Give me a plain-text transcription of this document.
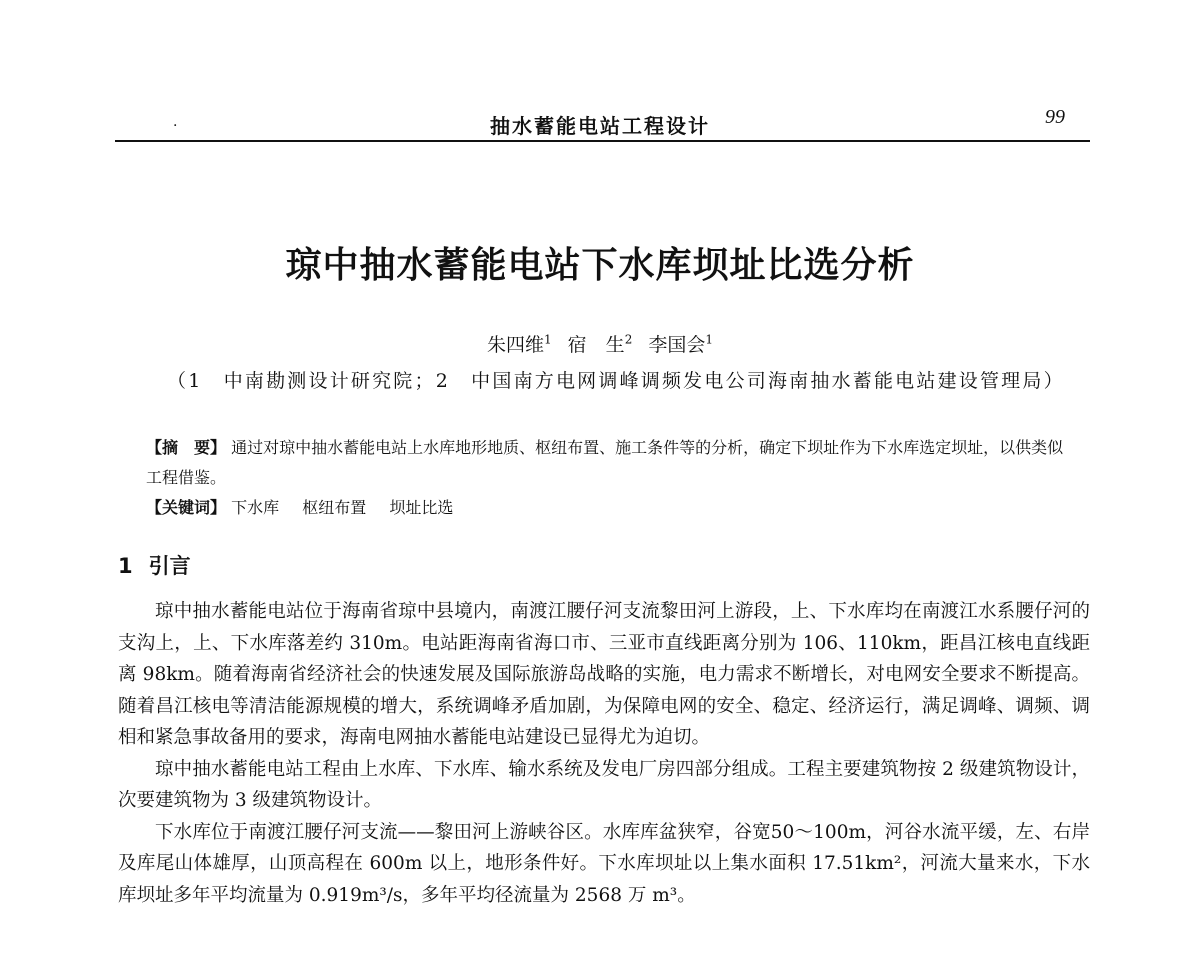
·	抽水蓄能电站工程设计	99
琼中抽水蓄能电站下水库坝址比选分析
朱四维$^1$ 宿　生$^2$ 李国会$^1$
（1　中南勘测设计研究院；2　中国南方电网调峰调频发电公司海南抽水蓄能电站建设管理局）

【摘　要】 通过对琼中抽水蓄能电站上水库地形地质、枢纽布置、施工条件等的分析，确定下坝址作为下水库选定坝址，以供类似工程借鉴。

【关键词】 下水库 枢纽布置 坝址比选

1 引言

琼中抽水蓄能电站位于海南省琼中县境内，南渡江腰仔河支流黎田河上游段，上、下水库均在南渡江水系腰仔河的支沟上，上、下水库落差约 310m。电站距海南省海口市、三亚市直线距离分别为 106、110km，距昌江核电直线距离 98km。随着海南省经济社会的快速发展及国际旅游岛战略的实施，电力需求不断增长，对电网安全要求不断提高。随着昌江核电等清洁能源规模的增大，系统调峰矛盾加剧，为保障电网的安全、稳定、经济运行，满足调峰、调频、调相和紧急事故备用的要求，海南电网抽水蓄能电站建设已显得尤为迫切。

琼中抽水蓄能电站工程由上水库、下水库、输水系统及发电厂房四部分组成。工程主要建筑物按 2 级建筑物设计，次要建筑物为 3 级建筑物设计。

下水库位于南渡江腰仔河支流——黎田河上游峡谷区。水库库盆狭窄，谷宽50～100m，河谷水流平缓，左、右岸及库尾山体雄厚，山顶高程在 600m 以上，地形条件好。下水库坝址以上集水面积 17.51km²，河流大量来水，下水库坝址多年平均流量为 0.919m³/s，多年平均径流量为 2568 万 m³。
